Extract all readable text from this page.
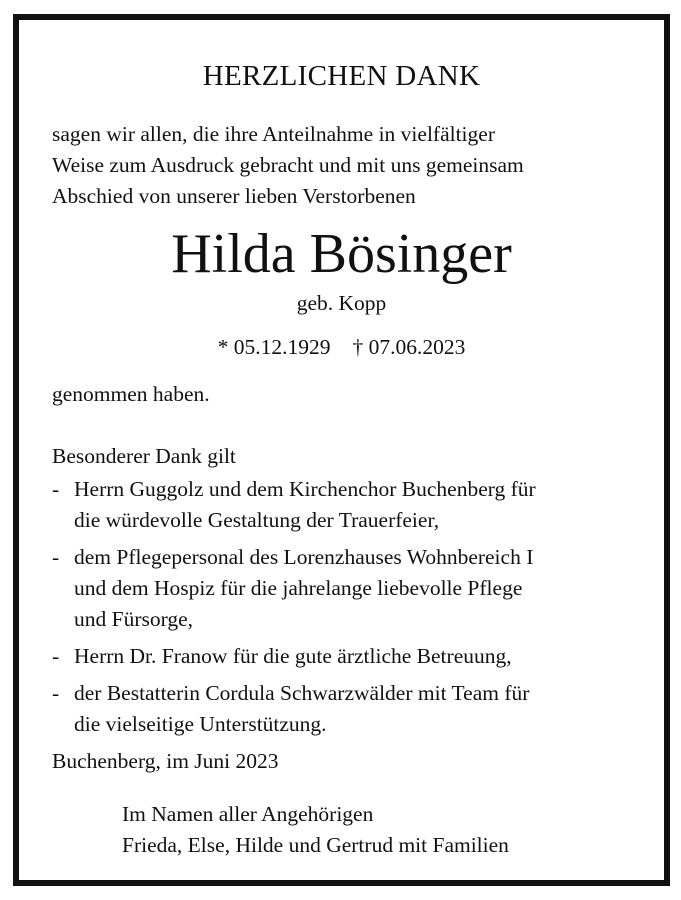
HERZLICHEN DANK
sagen wir allen, die ihre Anteilnahme in vielfältiger
Weise zum Ausdruck gebracht und mit uns gemeinsam
Abschied von unserer lieben Verstorbenen
Hilda Bösinger
geb. Kopp
* 05.12.1929 † 07.06.2023
genommen haben.
Besonderer Dank gilt
- Herrn Guggolz und dem Kirchenchor Buchenberg für
die würdevolle Gestaltung der Trauerfeier,
- dem Pflegepersonal des Lorenzhauses Wohnbereich I
und dem Hospiz für die jahrelange liebevolle Pflege
und Fürsorge,
- Herrn Dr. Franow für die gute ärztliche Betreuung,
- der Bestatterin Cordula Schwarzwälder mit Team für
die vielseitige Unterstützung.
Buchenberg, im Juni 2023
Im Namen aller Angehörigen
Frieda, Else, Hilde und Gertrud mit Familien
